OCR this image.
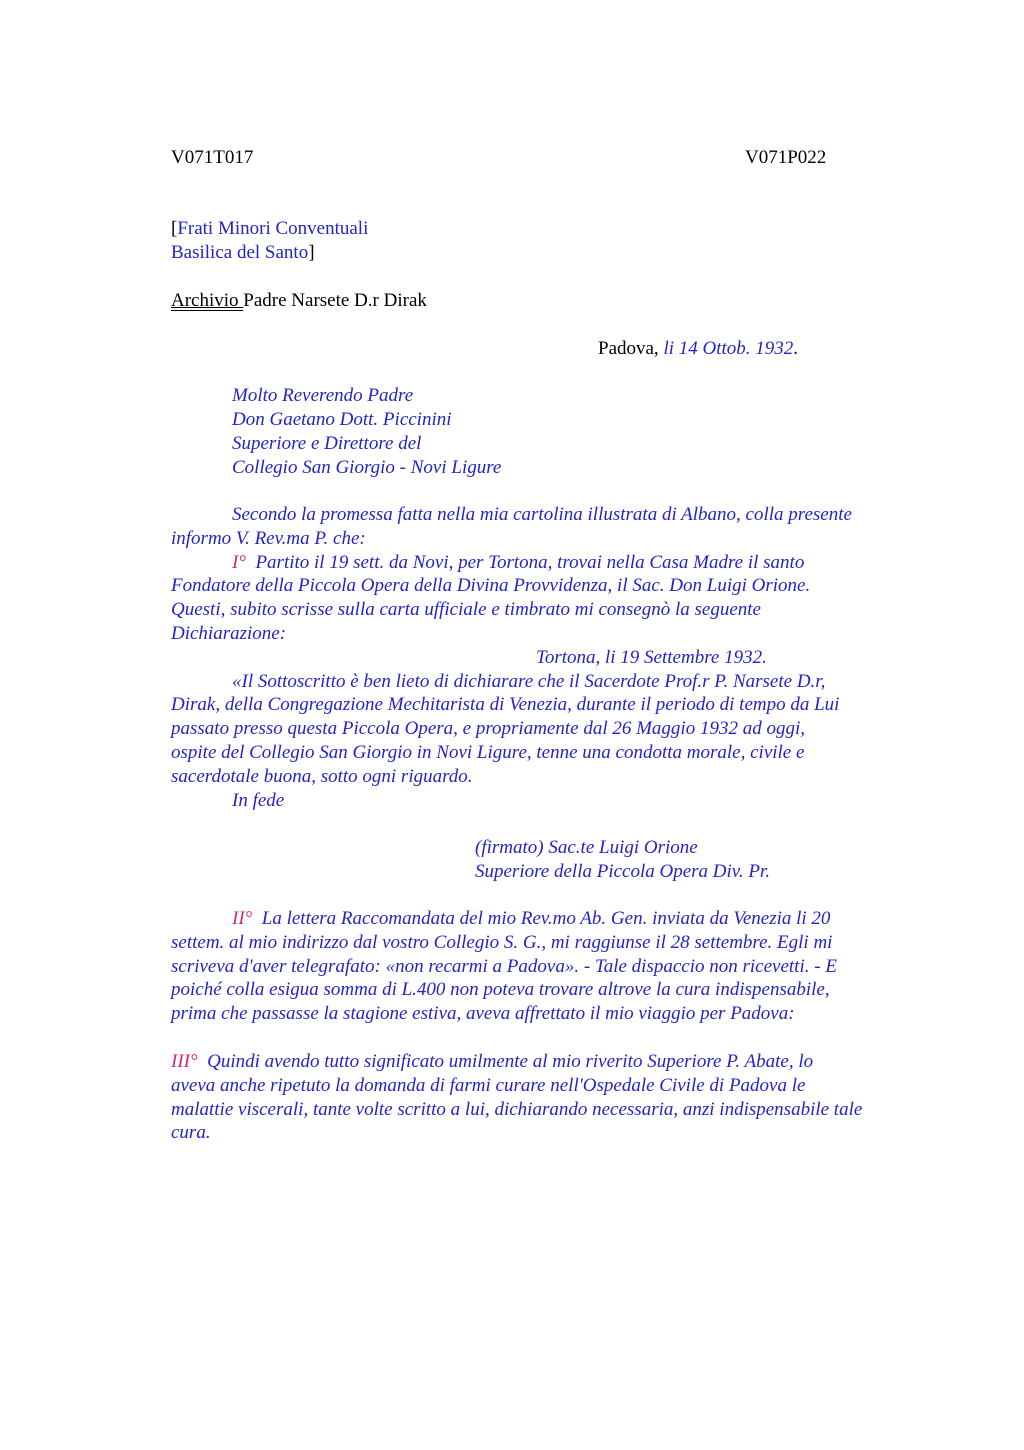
V071T017	V071P022
[Frati Minori Conventuali
Basilica del Santo]
Archivio Padre Narsete D.r Dirak
Padova, li 14 Ottob. 1932.
Molto Reverendo Padre
Don Gaetano Dott. Piccinini
Superiore e Direttore del
Collegio San Giorgio - Novi Ligure
Secondo la promessa fatta nella mia cartolina illustrata di Albano, colla presente
informo V. Rev.ma P. che:
I°  Partito il 19 sett. da Novi, per Tortona, trovai nella Casa Madre il santo
Fondatore della Piccola Opera della Divina Provvidenza, il Sac. Don Luigi Orione.
Questi, subito scrisse sulla carta ufficiale e timbrato mi consegnò la seguente
Dichiarazione:
Tortona, li 19 Settembre 1932.
«Il Sottoscritto è ben lieto di dichiarare che il Sacerdote Prof.r P. Narsete D.r,
Dirak, della Congregazione Mechitarista di Venezia, durante il periodo di tempo da Lui
passato presso questa Piccola Opera, e propriamente dal 26 Maggio 1932 ad oggi,
ospite del Collegio San Giorgio in Novi Ligure, tenne una condotta morale, civile e
sacerdotale buona, sotto ogni riguardo.
In fede
(firmato) Sac.te Luigi Orione
Superiore della Piccola Opera Div. Pr.
II°  La lettera Raccomandata del mio Rev.mo Ab. Gen. inviata da Venezia li 20
settem. al mio indirizzo dal vostro Collegio S. G., mi raggiunse il 28 settembre. Egli mi
scriveva d'aver telegrafato: «non recarmi a Padova». - Tale dispaccio non ricevetti. - E
poiché colla esigua somma di L.400 non poteva trovare altrove la cura indispensabile,
prima che passasse la stagione estiva, aveva affrettato il mio viaggio per Padova:
III°  Quindi avendo tutto significato umilmente al mio riverito Superiore P. Abate, lo
aveva anche ripetuto la domanda di farmi curare nell'Ospedale Civile di Padova le
malattie viscerali, tante volte scritto a lui, dichiarando necessaria, anzi indispensabile tale
cura.
